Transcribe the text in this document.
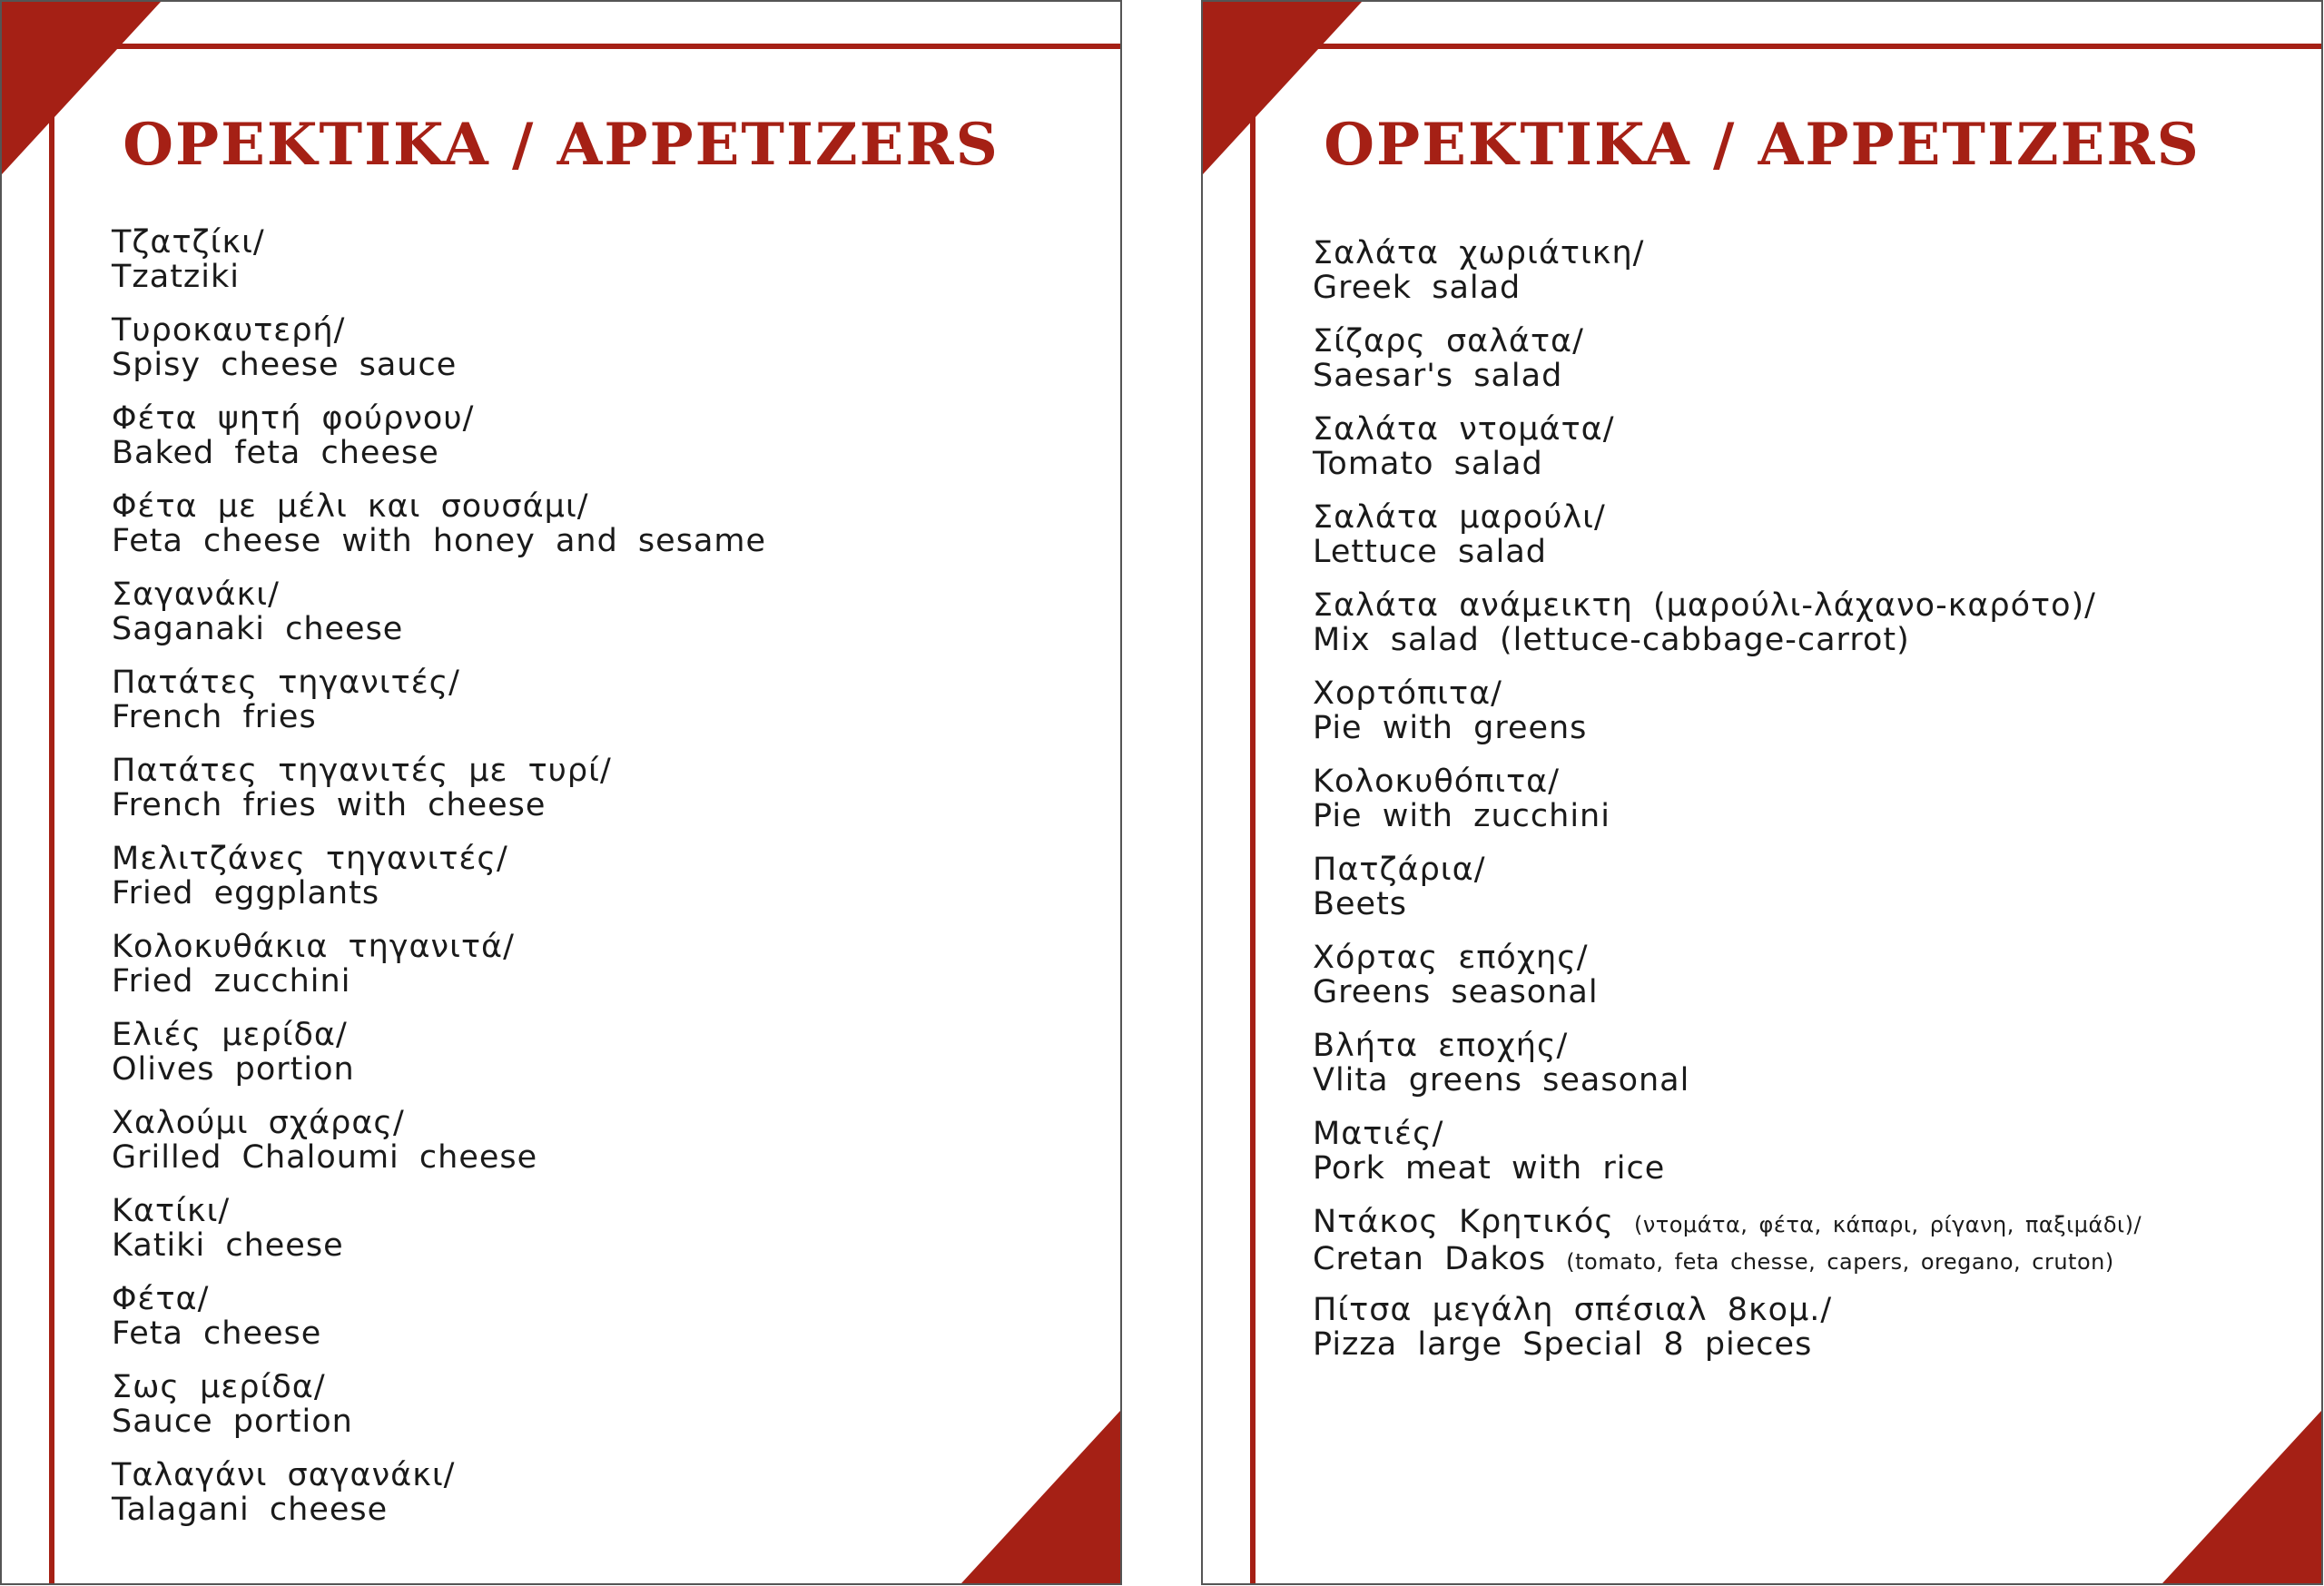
OPEKTIKA / APPETIZERS
Τζατζίκι/
Tzatziki
Τυροκαυτερή/
Spisy cheese sauce
Φέτα ψητή φούρνου/
Baked feta cheese
Φέτα με μέλι και σουσάμι/
Feta cheese with honey and sesame
Σαγανάκι/
Saganaki cheese
Πατάτες τηγανιτές/
French fries
Πατάτες τηγανιτές με τυρί/
French fries with cheese
Μελιτζάνες τηγανιτές/
Fried eggplants
Κολοκυθάκια τηγανιτά/
Fried zucchini
Ελιές μερίδα/
Olives portion
Χαλούμι σχάρας/
Grilled Chaloumi cheese
Κατίκι/
Katiki cheese
Φέτα/
Feta cheese
Σως μερίδα/
Sauce portion
Ταλαγάνι σαγανάκι/
Talagani cheese
OPEKTIKA / APPETIZERS
Σαλάτα χωριάτικη/
Greek salad
Σίζαρς σαλάτα/
Saesar's salad
Σαλάτα ντομάτα/
Tomato salad
Σαλάτα μαρούλι/
Lettuce salad
Σαλάτα ανάμεικτη (μαρούλι-λάχανο-καρότο)/
Mix salad (lettuce-cabbage-carrot)
Χορτόπιτα/
Pie with greens
Κολοκυθόπιτα/
Pie with zucchini
Πατζάρια/
Beets
Χόρτας επόχης/
Greens seasonal
Βλήτα εποχής/
Vlita greens seasonal
Ματιές/
Pork meat with rice
Ντάκος Κρητικός (ντομάτα, φέτα, κάπαρι, ρίγανη, παξιμάδι)/
Cretan Dakos (tomato, feta chesse, capers, oregano, cruton)
Πίτσα μεγάλη σπέσιαλ 8κομ./
Pizza large Special 8 pieces
